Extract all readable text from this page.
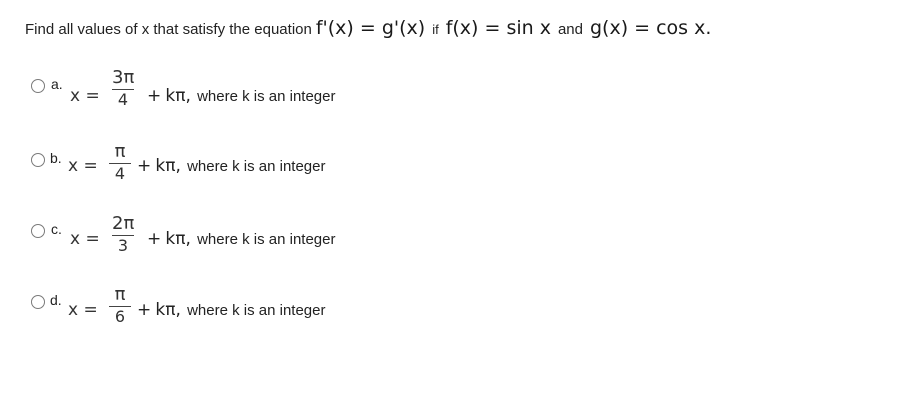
Find all values of x that satisfy the equation f'(x) = g'(x) if f(x) = sin x and g(x) = cos x.
a.
x =
3π
4	+ kπ, where k is an integer
b. x =
π
4 + kπ, where k is an integer
c. x =
2π
3	+ kπ, where k is an integer
d. x =
π
6 + kπ, where k is an integer
